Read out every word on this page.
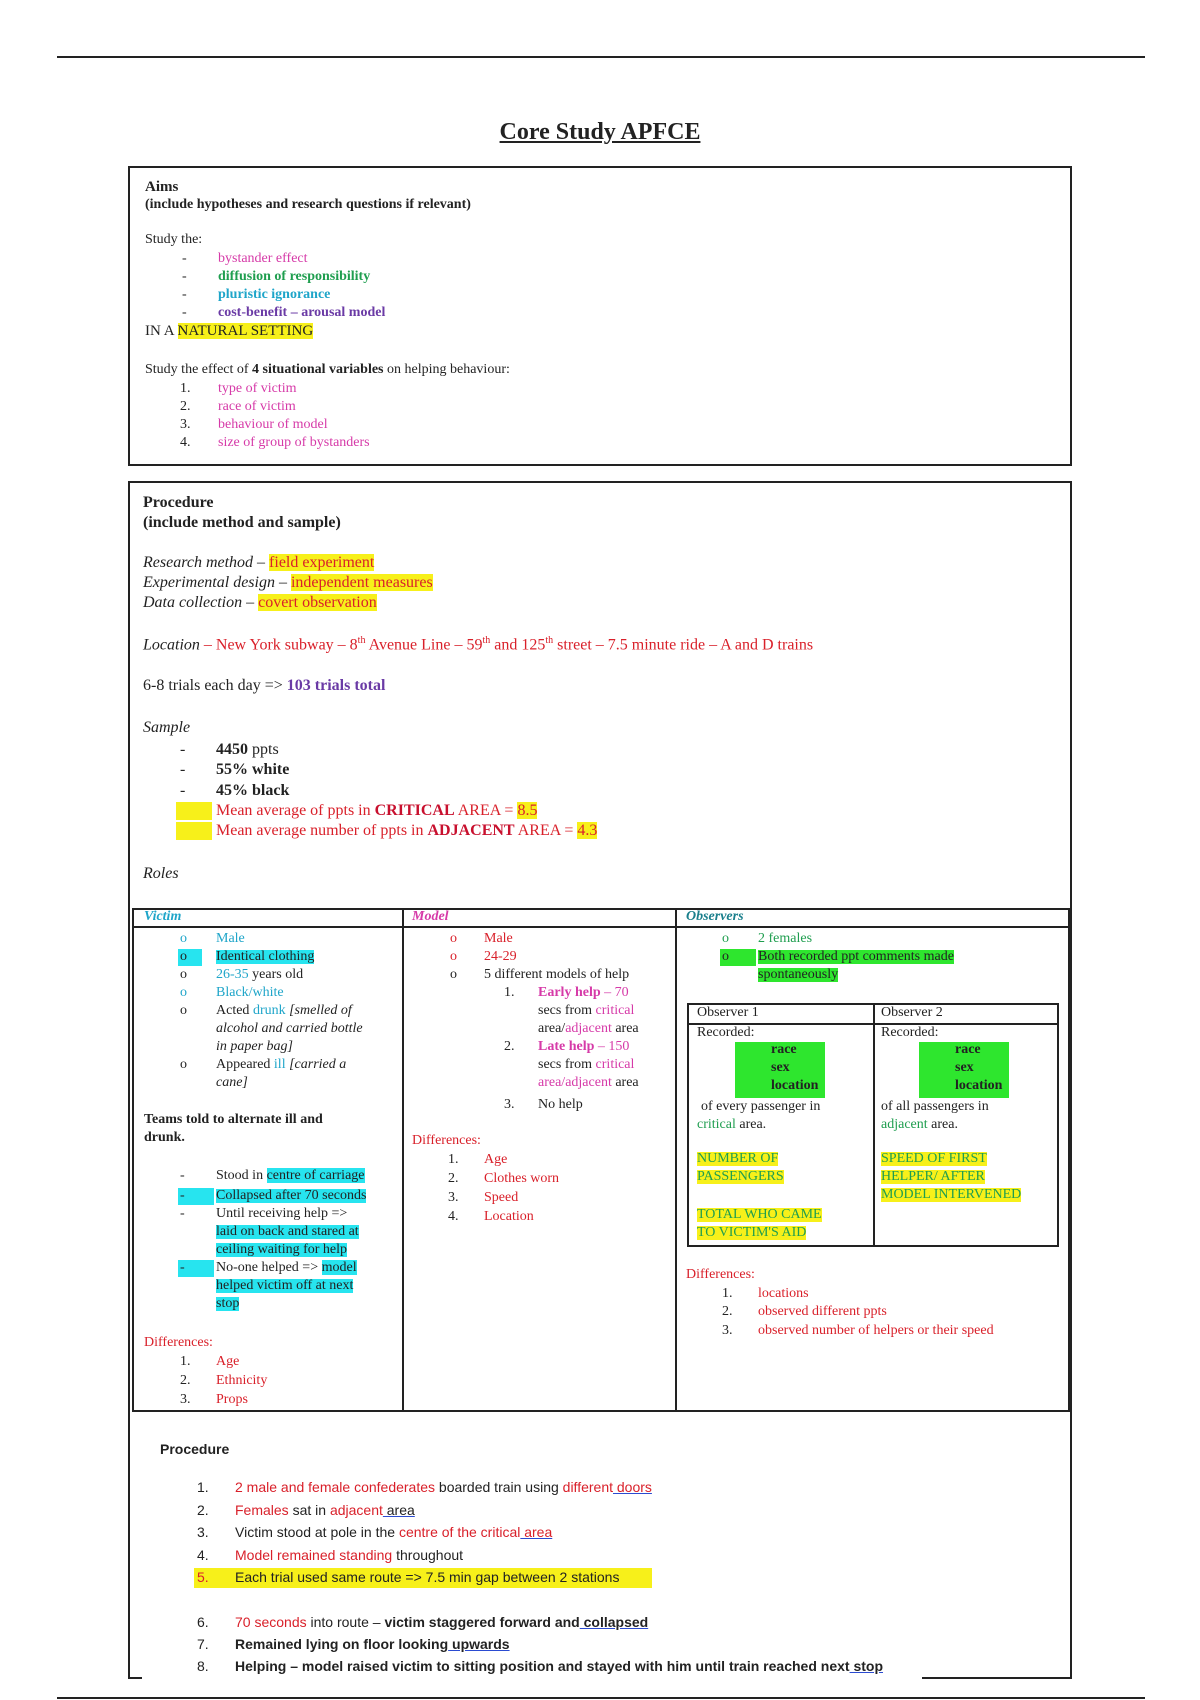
Core Study APFCE
Aims
(include hypotheses and research questions if relevant)
Study the:
- bystander effect
- diffusion of responsibility
- pluristic ignorance
- cost-benefit – arousal model
IN A NATURAL SETTING
Study the effect of 4 situational variables on helping behaviour:
1. type of victim
2. race of victim
3. behaviour of model
4. size of group of bystanders
Procedure
(include method and sample)
Research method – field experiment
Experimental design – independent measures
Data collection – covert observation
Location – New York subway – 8th Avenue Line – 59th and 125th street – 7.5 minute ride – A and D trains
6-8 trials each day => 103 trials total
Sample
- 4450 ppts
- 55% white
- 45% black
Mean average of ppts in CRITICAL AREA = 8.5
Mean average number of ppts in ADJACENT AREA = 4.3
Roles
Victim
o Male
o Identical clothing
o 26-35 years old
o Black/white
o Acted drunk [smelled of
alcohol and carried bottle
in paper bag]
o Appeared ill [carried a
cane]
Teams told to alternate ill and
drunk.
- Stood in centre of carriage
- Collapsed after 70 seconds
- Until receiving help =>
laid on back and stared at
ceiling waiting for help
- No-one helped => model
helped victim off at next
stop
Differences:
1. Age
2. Ethnicity
3. Props
Model
o Male
o 24-29
o 5 different models of help
1. Early help – 70
secs from critical
area/adjacent area
2. Late help – 150
secs from critical
area/adjacent area
3. No help
Differences:
1. Age
2. Clothes worn
3. Speed
4. Location
Observers
o 2 females
o Both recorded ppt comments made
spontaneously
Observer 1	Observer 2
Recorded:
race
sex
location
of every passenger in
critical area.
NUMBER OF
PASSENGERS
TOTAL WHO CAME
TO VICTIM'S AID
Recorded:
race
sex
location
of all passengers in
adjacent area.
SPEED OF FIRST
HELPER/ AFTER
MODEL INTERVENED
Differences:
1. locations
2. observed different ppts
3. observed number of helpers or their speed
Procedure
1. 2 male and female confederates boarded train using different doors
2. Females sat in adjacent area
3. Victim stood at pole in the centre of the critical area
4. Model remained standing throughout
5. Each trial used same route => 7.5 min gap between 2 stations
6. 70 seconds into route – victim staggered forward and collapsed
7. Remained lying on floor looking upwards
8. Helping – model raised victim to sitting position and stayed with him until train reached next stop
